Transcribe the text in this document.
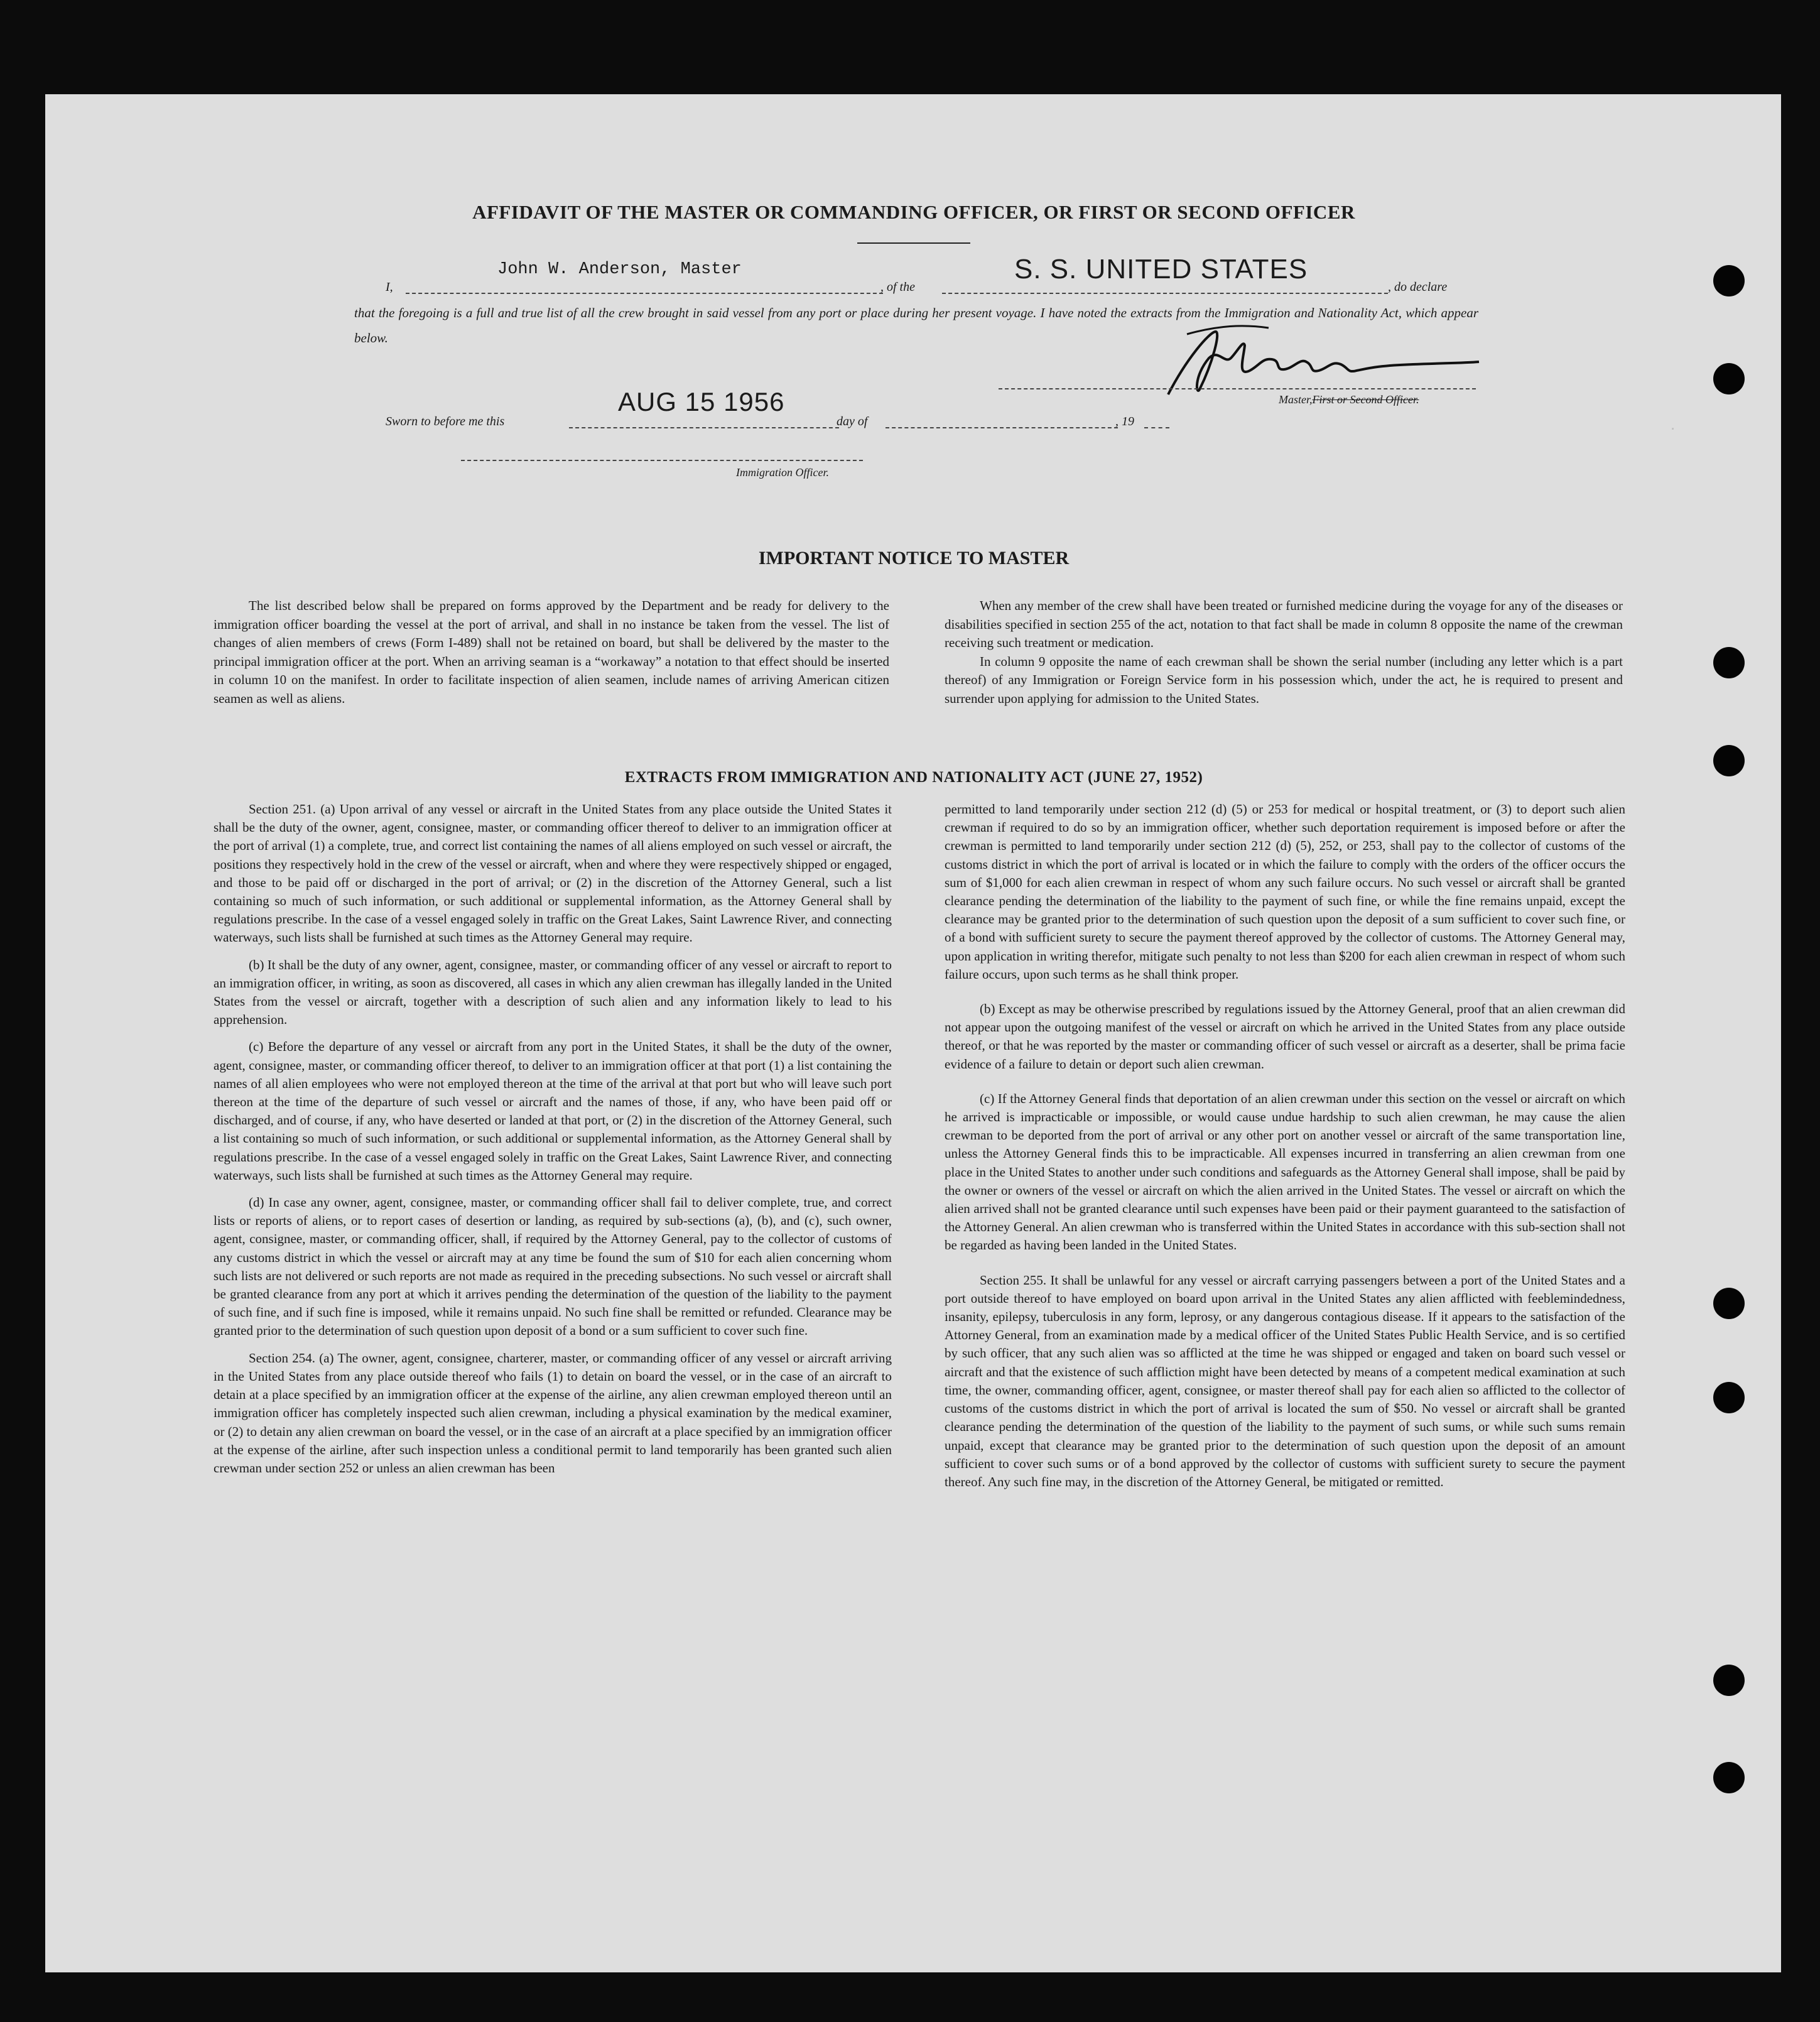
AFFIDAVIT OF THE MASTER OR COMMANDING OFFICER, OR FIRST OR SECOND OFFICER
I,
John W. Anderson, Master
, of the
S. S. UNITED STATES
, do declare
that the foregoing is a full and true list of all the crew brought in said vessel from any port or place during her present voyage. I have noted the extracts from the Immigration and Nationality Act, which appear below.
Master,First or Second Officer.
Sworn to before me this
AUG 15 1956
day of	, 19
Immigration Officer.
.
IMPORTANT NOTICE TO MASTER

The list described below shall be prepared on forms approved by the Department and be ready for delivery to the immigration officer boarding the vessel at the port of arrival, and shall in no instance be taken from the vessel. The list of changes of alien members of crews (Form I-489) shall not be retained on board, but shall be delivered by the master to the principal immigration officer at the port. When an arriving seaman is a “workaway” a notation to that effect should be inserted in column 10 on the manifest. In order to facilitate inspection of alien seamen, include names of arriving American citizen seamen as well as aliens.

When any member of the crew shall have been treated or furnished medicine during the voyage for any of the diseases or disabilities specified in section 255 of the act, notation to that fact shall be made in column 8 opposite the name of the crewman receiving such treatment or medication.

In column 9 opposite the name of each crewman shall be shown the serial number (including any letter which is a part thereof) of any Immigration or Foreign Service form in his possession which, under the act, he is required to present and surrender upon applying for admission to the United States.

EXTRACTS FROM IMMIGRATION AND NATIONALITY ACT (JUNE 27, 1952)

Section 251. (a) Upon arrival of any vessel or aircraft in the United States from any place outside the United States it shall be the duty of the owner, agent, consignee, master, or commanding officer thereof to deliver to an immigration officer at the port of arrival (1) a complete, true, and correct list containing the names of all aliens employed on such vessel or aircraft, the positions they respectively hold in the crew of the vessel or aircraft, when and where they were respectively shipped or engaged, and those to be paid off or discharged in the port of arrival; or (2) in the discretion of the Attorney General, such a list containing so much of such information, or such additional or supplemental information, as the Attorney General shall by regulations prescribe. In the case of a vessel engaged solely in traffic on the Great Lakes, Saint Lawrence River, and connecting waterways, such lists shall be furnished at such times as the Attorney General may require.

(b) It shall be the duty of any owner, agent, consignee, master, or commanding officer of any vessel or aircraft to report to an immigration officer, in writing, as soon as discovered, all cases in which any alien crewman has illegally landed in the United States from the vessel or aircraft, together with a description of such alien and any information likely to lead to his apprehension.

(c) Before the departure of any vessel or aircraft from any port in the United States, it shall be the duty of the owner, agent, consignee, master, or commanding officer thereof, to deliver to an immigration officer at that port (1) a list containing the names of all alien employees who were not employed thereon at the time of the arrival at that port but who will leave such port thereon at the time of the departure of such vessel or aircraft and the names of those, if any, who have been paid off or discharged, and of course, if any, who have deserted or landed at that port, or (2) in the discretion of the Attorney General, such a list containing so much of such information, or such additional or supplemental information, as the Attorney General shall by regulations prescribe. In the case of a vessel engaged solely in traffic on the Great Lakes, Saint Lawrence River, and connecting waterways, such lists shall be furnished at such times as the Attorney General may require.

(d) In case any owner, agent, consignee, master, or commanding officer shall fail to deliver complete, true, and correct lists or reports of aliens, or to report cases of desertion or landing, as required by sub-sections (a), (b), and (c), such owner, agent, consignee, master, or commanding officer, shall, if required by the Attorney General, pay to the collector of customs of any customs district in which the vessel or aircraft may at any time be found the sum of $10 for each alien concerning whom such lists are not delivered or such reports are not made as required in the preceding subsections. No such vessel or aircraft shall be granted clearance from any port at which it arrives pending the determination of the question of the liability to the payment of such fine, and if such fine is imposed, while it remains unpaid. No such fine shall be remitted or refunded. Clearance may be granted prior to the determination of such question upon deposit of a bond or a sum sufficient to cover such fine.

Section 254. (a) The owner, agent, consignee, charterer, master, or commanding officer of any vessel or aircraft arriving in the United States from any place outside thereof who fails (1) to detain on board the vessel, or in the case of an aircraft to detain at a place specified by an immigration officer at the expense of the airline, any alien crewman employed thereon until an immigration officer has completely inspected such alien crewman, including a physical examination by the medical examiner, or (2) to detain any alien crewman on board the vessel, or in the case of an aircraft at a place specified by an immigration officer at the expense of the airline, after such inspection unless a conditional permit to land temporarily has been granted such alien crewman under section 252 or unless an alien crewman has been

permitted to land temporarily under section 212 (d) (5) or 253 for medical or hospital treatment, or (3) to deport such alien crewman if required to do so by an immigration officer, whether such deportation requirement is imposed before or after the crewman is permitted to land temporarily under section 212 (d) (5), 252, or 253, shall pay to the collector of customs of the customs district in which the port of arrival is located or in which the failure to comply with the orders of the officer occurs the sum of $1,000 for each alien crewman in respect of whom any such failure occurs. No such vessel or aircraft shall be granted clearance pending the determination of the liability to the payment of such fine, or while the fine remains unpaid, except the clearance may be granted prior to the determination of such question upon the deposit of a sum sufficient to cover such fine, or of a bond with sufficient surety to secure the payment thereof approved by the collector of customs. The Attorney General may, upon application in writing therefor, mitigate such penalty to not less than $200 for each alien crewman in respect of whom such failure occurs, upon such terms as he shall think proper.

(b) Except as may be otherwise prescribed by regulations issued by the Attorney General, proof that an alien crewman did not appear upon the outgoing manifest of the vessel or aircraft on which he arrived in the United States from any place outside thereof, or that he was reported by the master or commanding officer of such vessel or aircraft as a deserter, shall be prima facie evidence of a failure to detain or deport such alien crewman.

(c) If the Attorney General finds that deportation of an alien crewman under this section on the vessel or aircraft on which he arrived is impracticable or impossible, or would cause undue hardship to such alien crewman, he may cause the alien crewman to be deported from the port of arrival or any other port on another vessel or aircraft of the same transportation line, unless the Attorney General finds this to be impracticable. All expenses incurred in transferring an alien crewman from one place in the United States to another under such conditions and safeguards as the Attorney General shall impose, shall be paid by the owner or owners of the vessel or aircraft on which the alien arrived in the United States. The vessel or aircraft on which the alien arrived shall not be granted clearance until such expenses have been paid or their payment guaranteed to the satisfaction of the Attorney General. An alien crewman who is transferred within the United States in accordance with this sub-section shall not be regarded as having been landed in the United States.

Section 255. It shall be unlawful for any vessel or aircraft carrying passengers between a port of the United States and a port outside thereof to have employed on board upon arrival in the United States any alien afflicted with feeblemindedness, insanity, epilepsy, tuberculosis in any form, leprosy, or any dangerous contagious disease. If it appears to the satisfaction of the Attorney General, from an examination made by a medical officer of the United States Public Health Service, and is so certified by such officer, that any such alien was so afflicted at the time he was shipped or engaged and taken on board such vessel or aircraft and that the existence of such affliction might have been detected by means of a competent medical examination at such time, the owner, commanding officer, agent, consignee, or master thereof shall pay for each alien so afflicted to the collector of customs of the customs district in which the port of arrival is located the sum of $50. No vessel or aircraft shall be granted clearance pending the determination of the question of the liability to the payment of such sums, or while such sums remain unpaid, except that clearance may be granted prior to the determination of such question upon the deposit of an amount sufficient to cover such sums or of a bond approved by the collector of customs with sufficient surety to secure the payment thereof. Any such fine may, in the discretion of the Attorney General, be mitigated or remitted.
